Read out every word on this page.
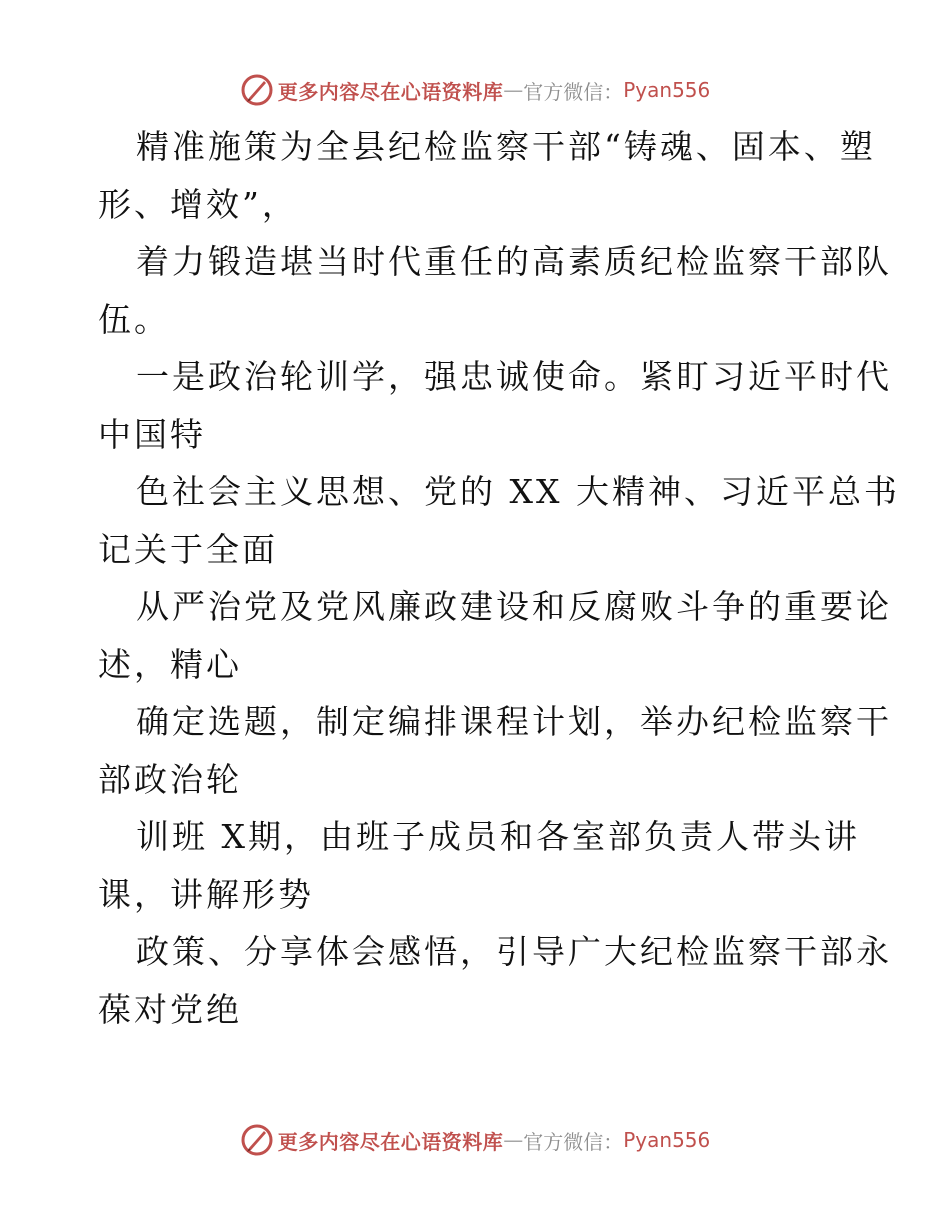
更多内容尽在心语资料库 — 官方微信： Pyan556
精准施策为全县纪检监察干部“铸魂、固本、塑
形、增效”，
着力锻造堪当时代重任的高素质纪检监察干部队
伍。
一是政治轮训学，强忠诚使命。紧盯习近平时代
中国特
色社会主义思想、党的 XX 大精神、习近平总书
记关于全面
从严治党及党风廉政建设和反腐败斗争的重要论
述，精心
确定选题，制定编排课程计划，举办纪检监察干
部政治轮
训班 X期，由班子成员和各室部负责人带头讲
课，讲解形势
政策、分享体会感悟，引导广大纪检监察干部永
葆对党绝
更多内容尽在心语资料库 — 官方微信： Pyan556
